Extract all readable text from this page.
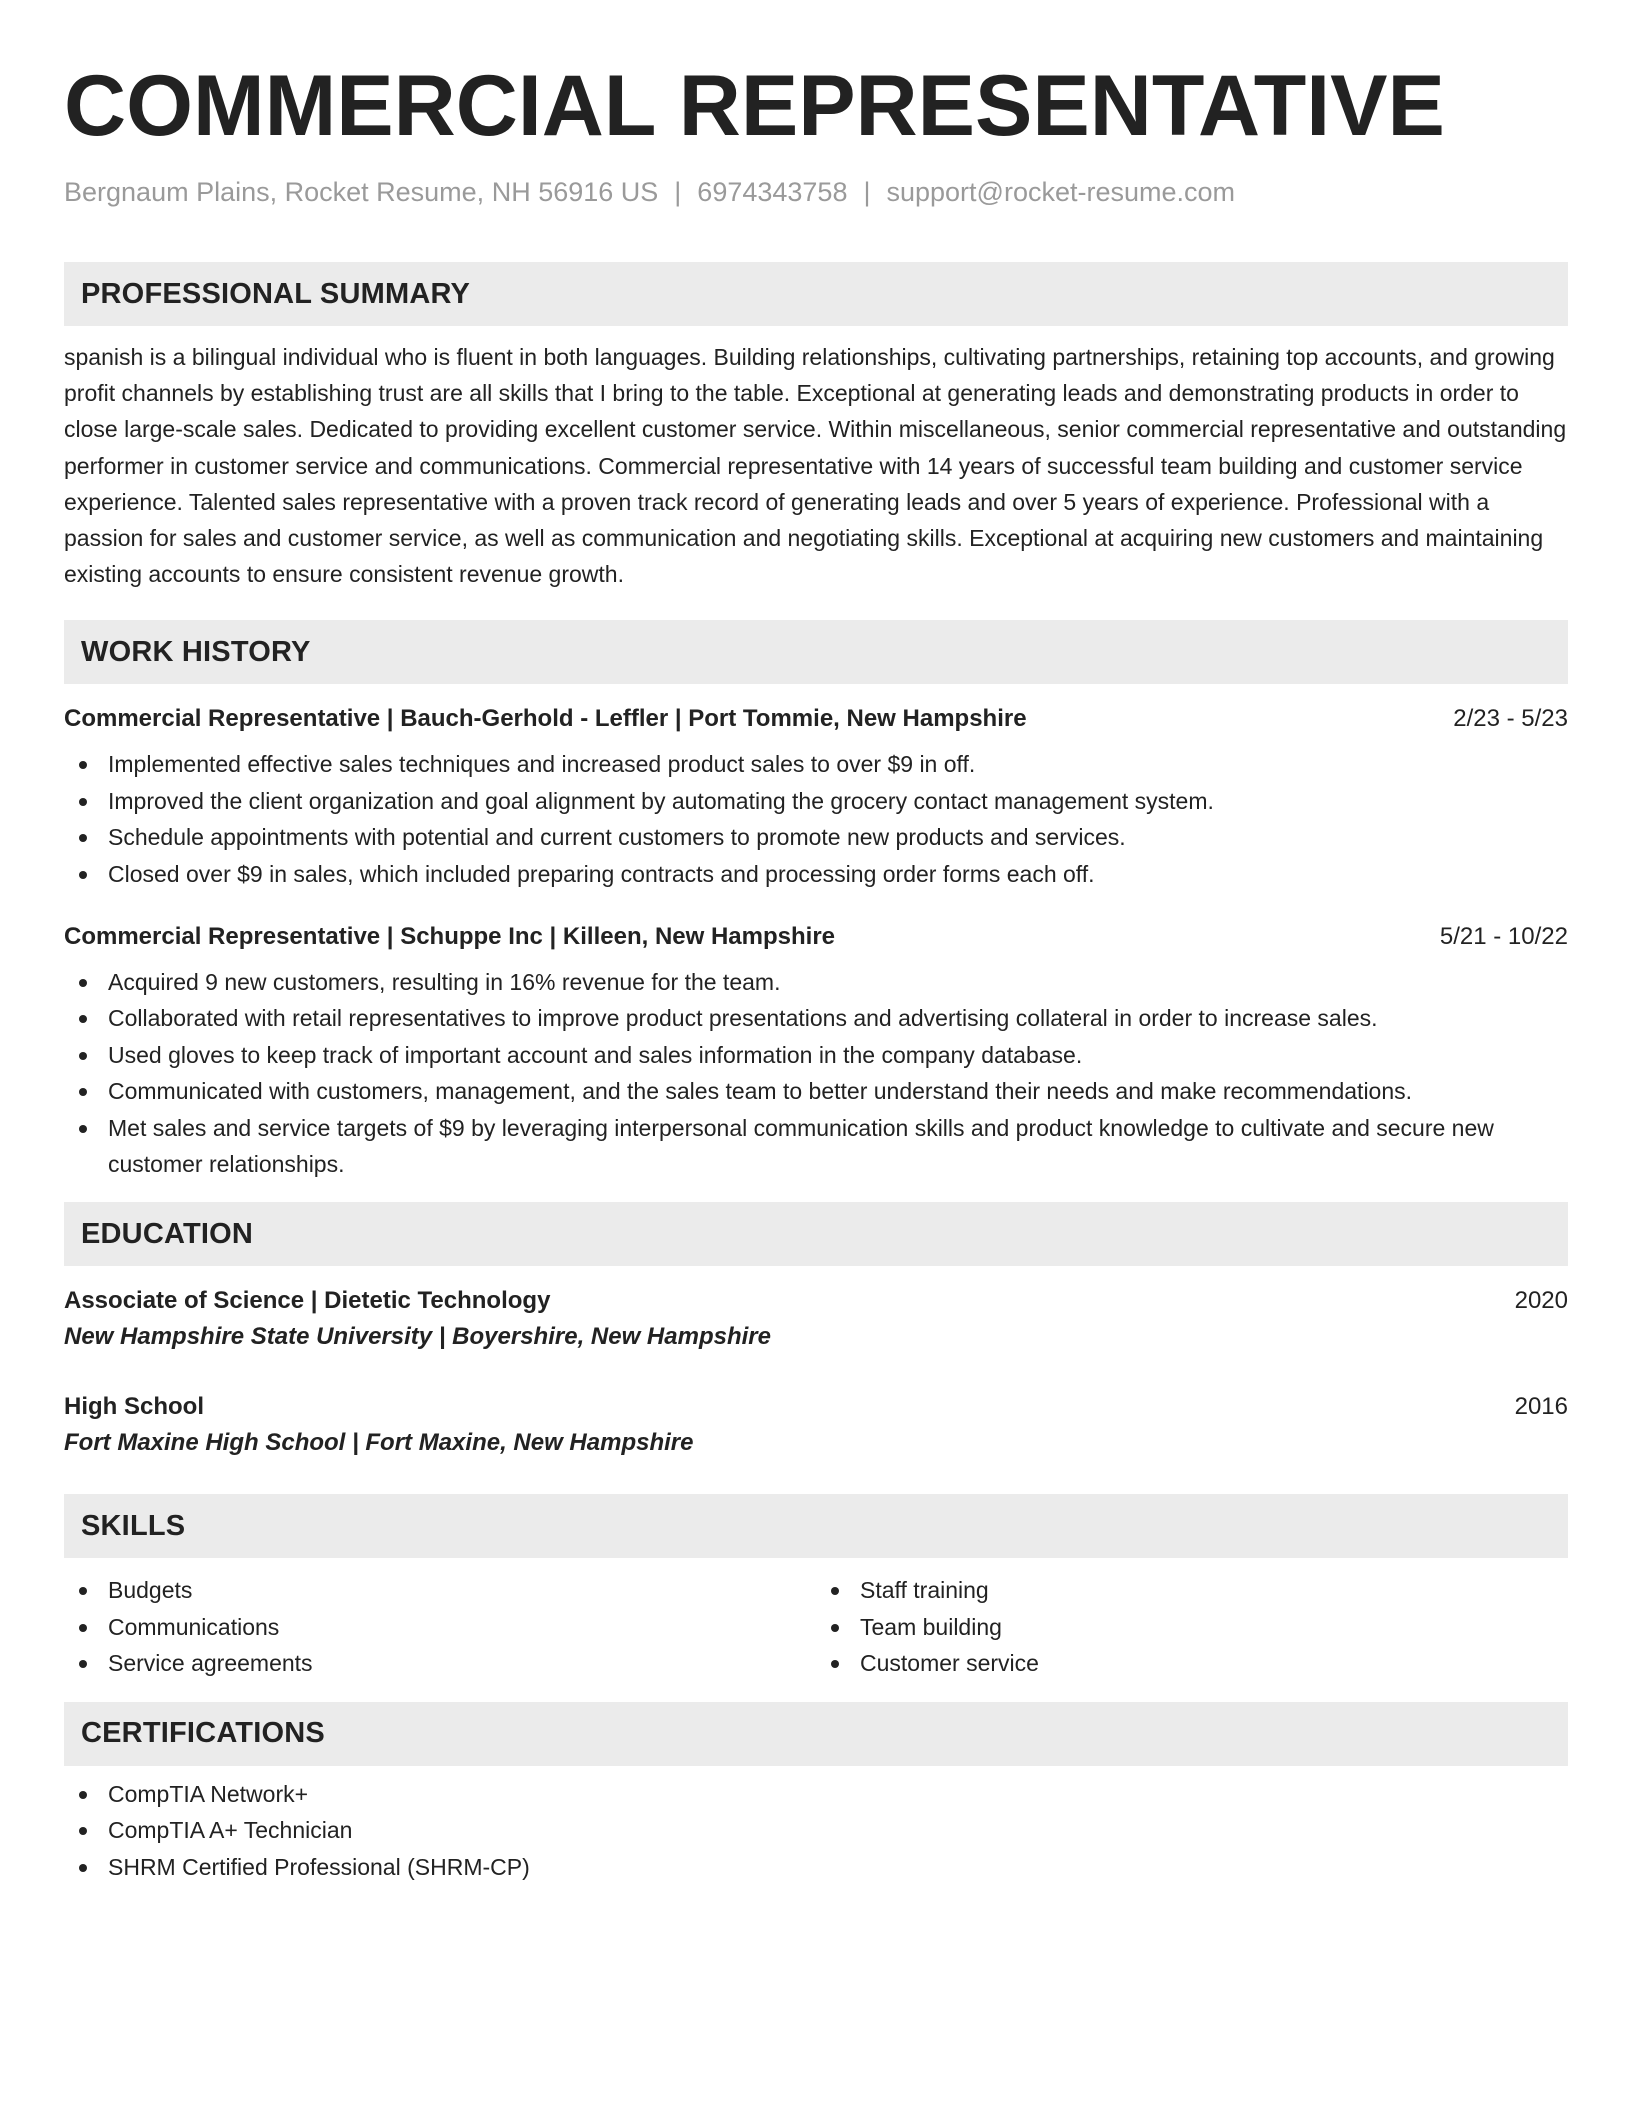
COMMERCIAL REPRESENTATIVE
Bergnaum Plains, Rocket Resume, NH 56916 US | 6974343758 | support@rocket-resume.com
PROFESSIONAL SUMMARY
spanish is a bilingual individual who is fluent in both languages. Building relationships, cultivating partnerships, retaining top accounts, and growing profit channels by establishing trust are all skills that I bring to the table. Exceptional at generating leads and demonstrating products in order to close large-scale sales. Dedicated to providing excellent customer service. Within miscellaneous, senior commercial representative and outstanding performer in customer service and communications. Commercial representative with 14 years of successful team building and customer service experience. Talented sales representative with a proven track record of generating leads and over 5 years of experience. Professional with a passion for sales and customer service, as well as communication and negotiating skills. Exceptional at acquiring new customers and maintaining existing accounts to ensure consistent revenue growth.
WORK HISTORY
Commercial Representative | Bauch-Gerhold - Leffler | Port Tommie, New Hampshire	2/23 - 5/23
Implemented effective sales techniques and increased product sales to over $9 in off.
Improved the client organization and goal alignment by automating the grocery contact management system.
Schedule appointments with potential and current customers to promote new products and services.
Closed over $9 in sales, which included preparing contracts and processing order forms each off.
Commercial Representative | Schuppe Inc | Killeen, New Hampshire	5/21 - 10/22
Acquired 9 new customers, resulting in 16% revenue for the team.
Collaborated with retail representatives to improve product presentations and advertising collateral in order to increase sales.
Used gloves to keep track of important account and sales information in the company database.
Communicated with customers, management, and the sales team to better understand their needs and make recommendations.
Met sales and service targets of $9 by leveraging interpersonal communication skills and product knowledge to cultivate and secure new customer relationships.
EDUCATION
Associate of Science | Dietetic Technology	2020
New Hampshire State University | Boyershire, New Hampshire
High School	2016
Fort Maxine High School | Fort Maxine, New Hampshire
SKILLS
Budgets
Communications
Service agreements
Staff training
Team building
Customer service
CERTIFICATIONS
CompTIA Network+
CompTIA A+ Technician
SHRM Certified Professional (SHRM-CP)
